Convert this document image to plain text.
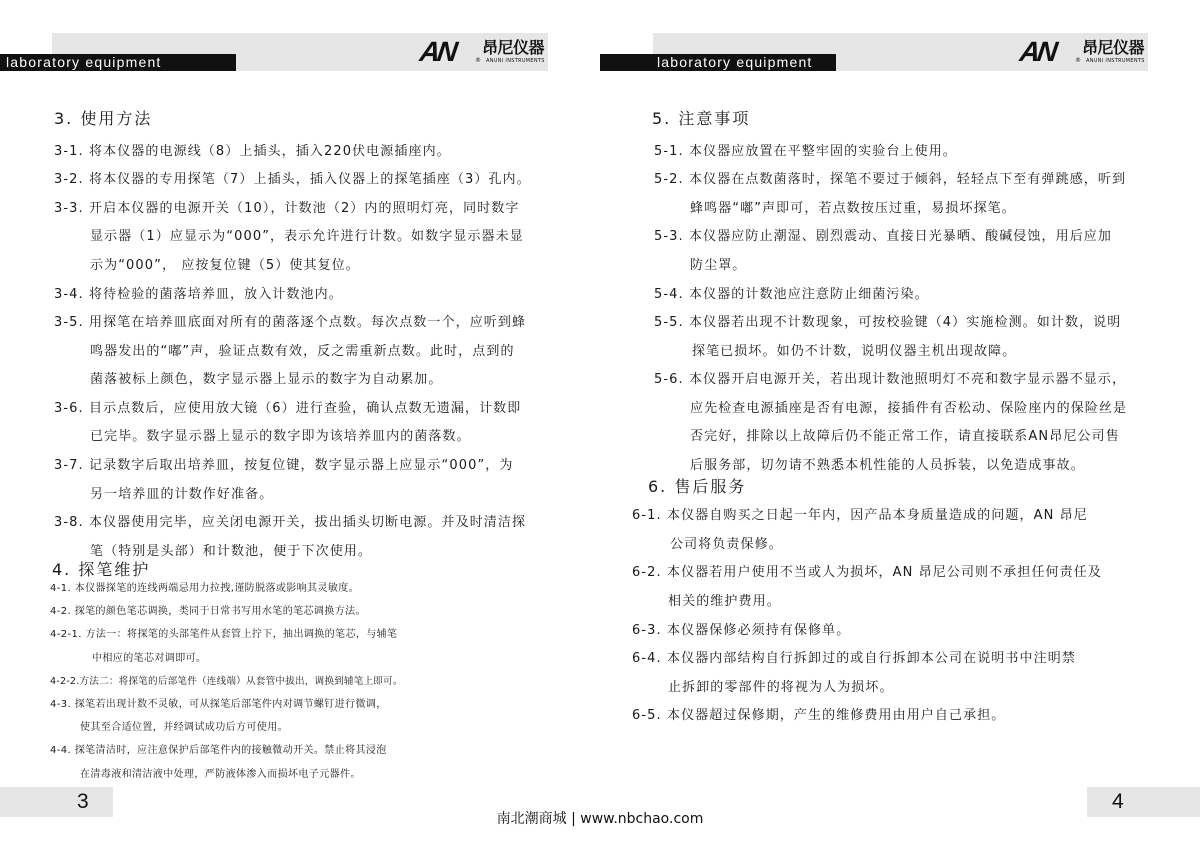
laboratory equipment	AN	®
昂尼仪器
ANUNI INSTRUMENTS	laboratory equipment	AN	®
昂尼仪器
ANUNI INSTRUMENTS
3. 使用方法
3-1. 将本仪器的电源线（8）上插头，插入220伏电源插座内。
3-2. 将本仪器的专用探笔（7）上插头，插入仪器上的探笔插座（3）孔内。
3-3. 开启本仪器的电源开关（10），计数池（2）内的照明灯亮，同时数字
显示器（1）应显示为“000”，表示允许进行计数。如数字显示器未显
示为“000”， 应按复位键（5）使其复位。
3-4. 将待检验的菌落培养皿，放入计数池内。
3-5. 用探笔在培养皿底面对所有的菌落逐个点数。每次点数一个，应听到蜂
鸣器发出的“嘟”声，验证点数有效，反之需重新点数。此时，点到的
菌落被标上颜色，数字显示器上显示的数字为自动累加。
3-6. 目示点数后，应使用放大镜（6）进行查验，确认点数无遗漏，计数即
已完毕。数字显示器上显示的数字即为该培养皿内的菌落数。
3-7. 记录数字后取出培养皿，按复位键，数字显示器上应显示“000”，为
另一培养皿的计数作好准备。
3-8. 本仪器使用完毕，应关闭电源开关，拔出插头切断电源。并及时清洁探
笔（特别是头部）和计数池，便于下次使用。
4. 探笔维护
4-1. 本仪器探笔的连线两端忌用力拉拽,谨防脱落或影响其灵敏度。
4-2. 探笔的颜色笔芯调换，类同于日常书写用水笔的笔芯调换方法。
4-2-1. 方法一：将探笔的头部笔件从套管上拧下，抽出调换的笔芯，与辅笔
中相应的笔芯对调即可。
4-2-2.方法二：将探笔的后部笔件（连线端）从套管中拔出，调换到辅笔上即可。
4-3. 探笔若出现计数不灵敏，可从探笔后部笔件内对调节螺钉进行微调，
使其至合适位置，并经调试成功后方可使用。
4-4. 探笔清洁时，应注意保护后部笔件内的接触微动开关。禁止将其浸泡
在清毒液和清洁液中处理，严防液体渗入而损坏电子元器件。
3
5. 注意事项
5-1. 本仪器应放置在平整牢固的实验台上使用。
5-2. 本仪器在点数菌落时，探笔不要过于倾斜，轻轻点下至有弹跳感，听到
蜂鸣器“嘟”声即可，若点数按压过重，易损坏探笔。
5-3. 本仪器应防止潮湿、剧烈震动、直接日光暴晒、酸碱侵蚀，用后应加
防尘罩。
5-4. 本仪器的计数池应注意防止细菌污染。
5-5. 本仪器若出现不计数现象，可按校验键（4）实施检测。如计数，说明
探笔已损坏。如仍不计数，说明仪器主机出现故障。
5-6. 本仪器开启电源开关，若出现计数池照明灯不亮和数字显示器不显示，
应先检查电源插座是否有电源，接插件有否松动、保险座内的保险丝是
否完好，排除以上故障后仍不能正常工作，请直接联系AN昂尼公司售
后服务部，切勿请不熟悉本机性能的人员拆装，以免造成事故。
6. 售后服务
6-1. 本仪器自购买之日起一年内，因产品本身质量造成的问题，AN 昂尼
公司将负责保修。
6-2. 本仪器若用户使用不当或人为损坏，AN 昂尼公司则不承担任何责任及
相关的维护费用。
6-3. 本仪器保修必须持有保修单。
6-4. 本仪器内部结构自行拆卸过的或自行拆卸本公司在说明书中注明禁
止拆卸的零部件的将视为人为损坏。
6-5. 本仪器超过保修期，产生的维修费用由用户自己承担。
4
南北潮商城 | www.nbchao.com
